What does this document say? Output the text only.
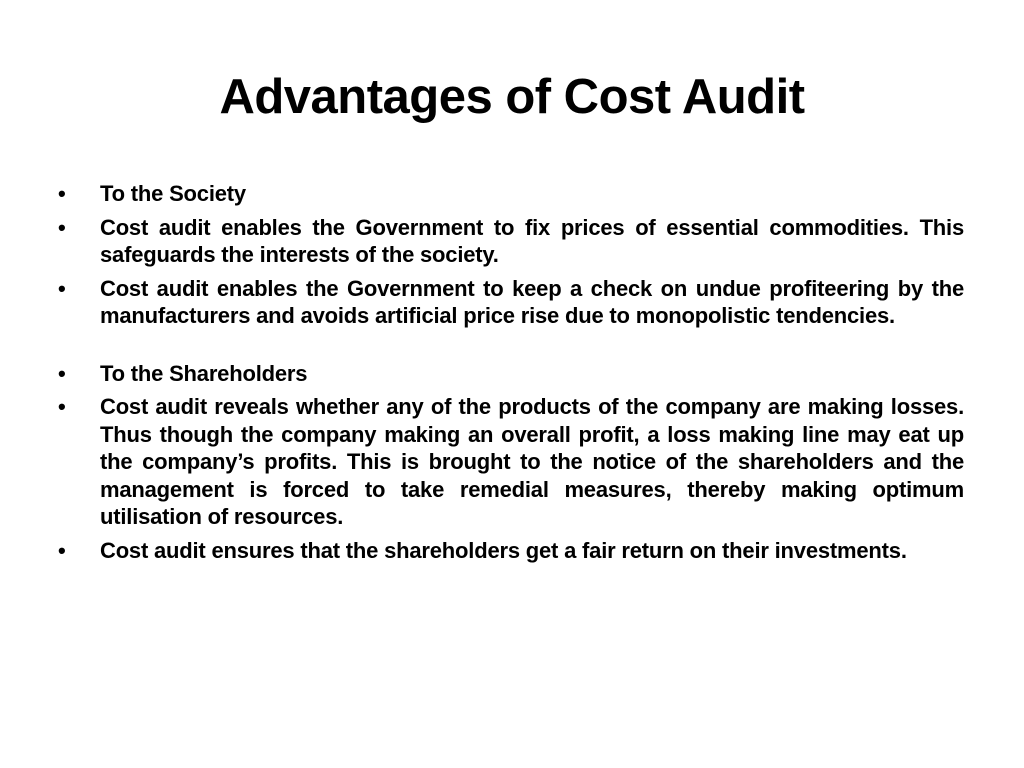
Advantages of Cost Audit
•	To the Society
•	Cost audit enables the Government to fix prices of essential commodities. This safeguards the interests of the society.
•	Cost audit enables the Government to keep a check on undue profiteering by the manufacturers and avoids artificial price rise due to monopolistic tendencies.
•	To the Shareholders
•	Cost audit reveals whether any of the products of the company are making losses. Thus though the company making an overall profit, a loss making line may eat up the company’s profits. This is brought to the notice of the shareholders and the management is forced to take remedial measures, thereby making optimum utilisation of resources.
•	Cost audit ensures that the shareholders get a fair return on their investments.
